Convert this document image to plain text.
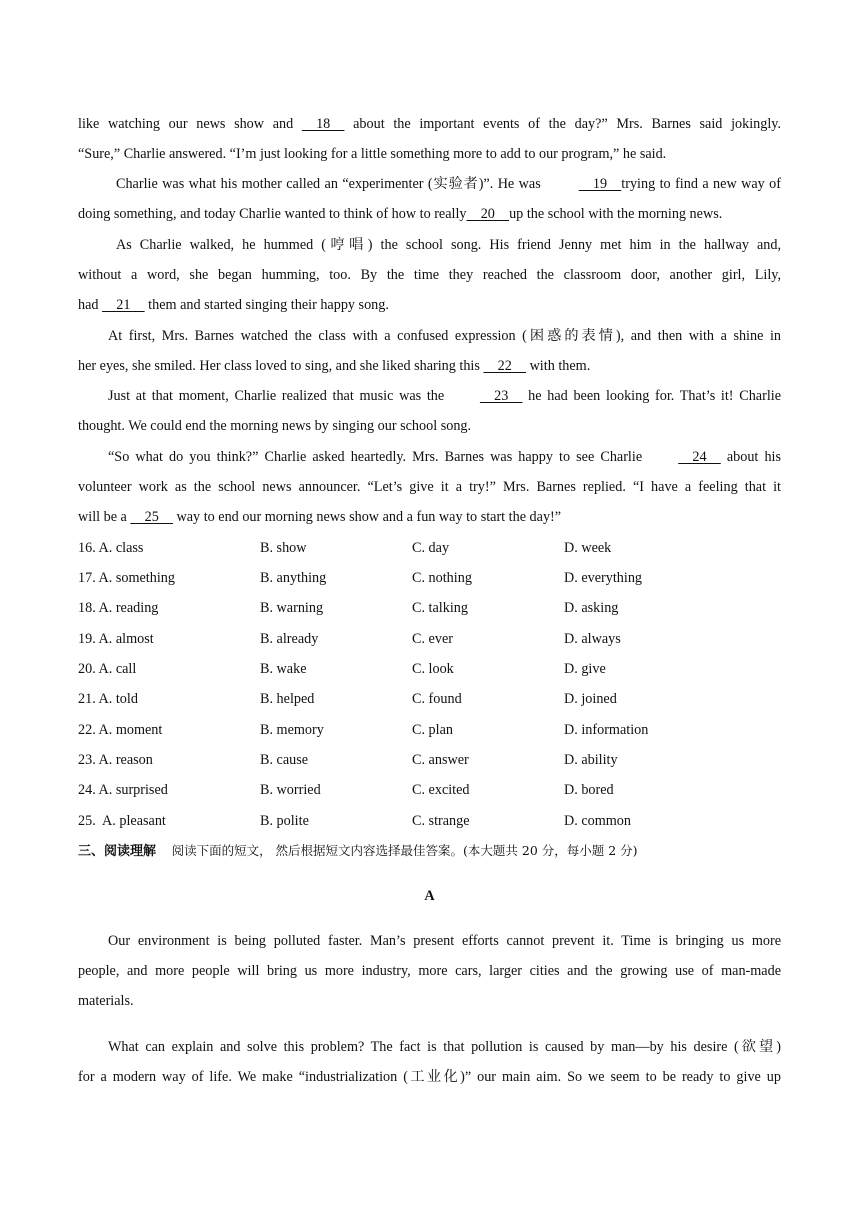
like watching our news show and     18     about the important events of the day?” Mrs. Barnes said jokingly.
“Sure,” Charlie answered. “I’m just looking for a little something more to add to our program,” he said.
Charlie was what his mother called an “experimenter (实验者)”. He was	19    trying to find a new way of
doing something, and today Charlie wanted to think of how to really    20    up the school with the morning news.
As Charlie walked, he hummed (哼唱) the school song. His friend Jenny met him in the hallway and,
without a word, she began humming, too. By the time they reached the classroom door, another girl, Lily,
had     21     them and started singing their happy song.
At first, Mrs. Barnes watched the class with a confused expression (困惑的表情), and then with a shine in
her eyes, she smiled. Her class loved to sing, and she liked sharing this     22     with them.
Just at that moment, Charlie realized that music was the     23     he had been looking for. That’s it! Charlie
thought. We could end the morning news by singing our school song.
“So what do you think?” Charlie asked heartedly. Mrs. Barnes was happy to see Charlie     24     about his
volunteer work as the school news announcer. “Let’s give it a try!” Mrs. Barnes replied. “I have a feeling that it
will be a     25     way to end our morning news show and a fun way to start the day!”
16. A. class	B. show	C. day	D. week
17. A. something	B. anything	C. nothing	D. everything
18. A. reading	B. warning	C. talking	D. asking
19. A. almost	B. already	C. ever	D. always
20. A. call	B. wake	C. look	D. give
21. A. told	B. helped	C. found	D. joined
22. A. moment	B. memory	C. plan	D. information
23. A. reason	B. cause	C. answer	D. ability
24. A. surprised	B. worried	C. excited	D. bored
25.  A. pleasant	B. polite	C. strange	D. common
三、阅读理解 阅读下面的短文， 然后根据短文内容选择最佳答案。(本大题共 20 分，每小题 2 分)
A
Our environment is being polluted faster. Man’s present efforts cannot prevent it. Time is bringing us more
people, and more people will bring us more industry, more cars, larger cities and the growing use of man-made
materials.
What can explain and solve this problem? The fact is that pollution is caused by man—by his desire (欲望)
for a modern way of life. We make “industrialization (工业化)” our main aim. So we seem to be ready to give up
